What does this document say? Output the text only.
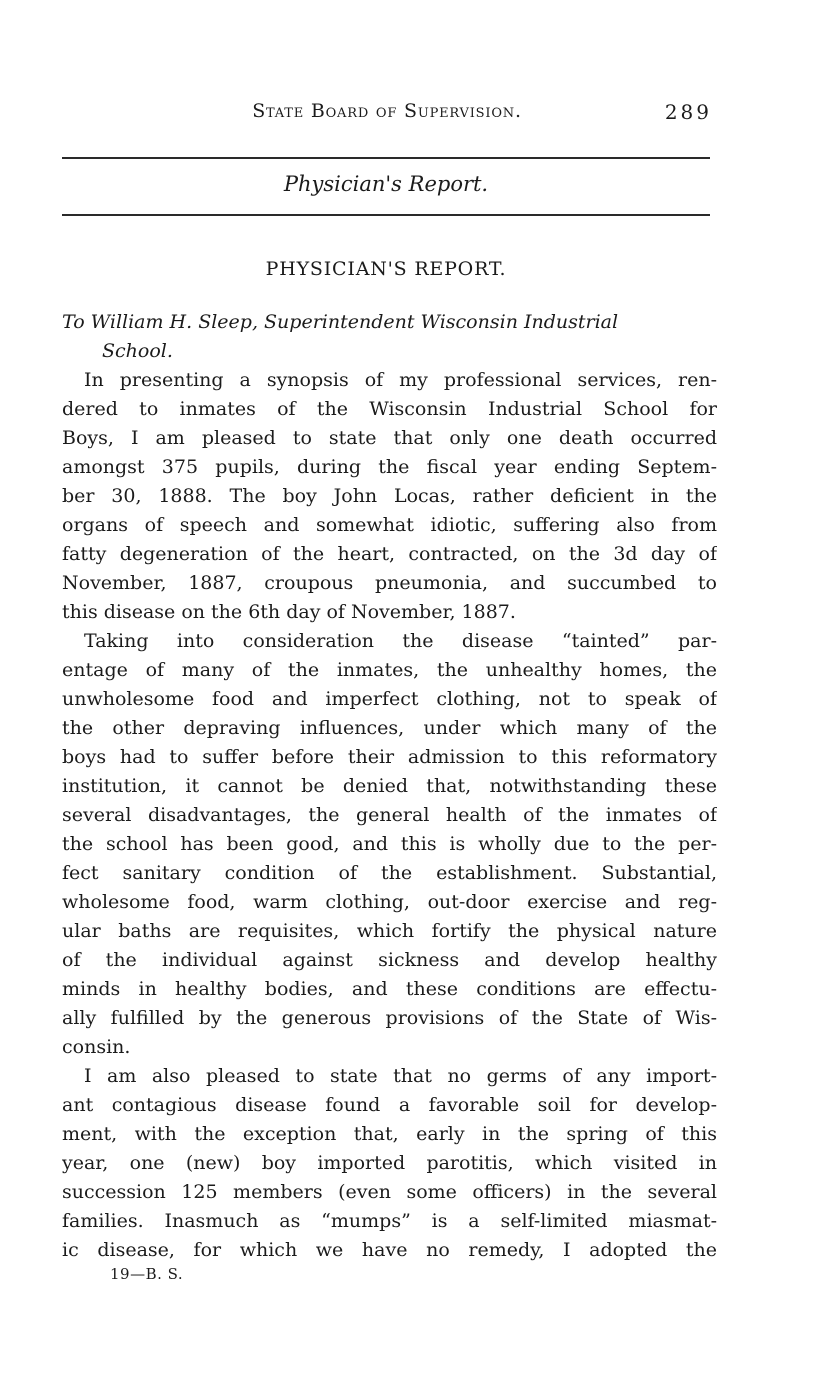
State Board of Supervision.	289
Physician's Report.
PHYSICIAN'S REPORT.
To William H. Sleep, Superintendent Wisconsin Industrial
School.
In presenting a synopsis of my professional services, ren-
dered to inmates of the Wisconsin Industrial School for
Boys, I am pleased to state that only one death occurred
amongst 375 pupils, during the fiscal year ending Septem-
ber 30, 1888. The boy John Locas, rather deficient in the
organs of speech and somewhat idiotic, suffering also from
fatty degeneration of the heart, contracted, on the 3d day of
November, 1887, croupous pneumonia, and succumbed to
this disease on the 6th day of November, 1887.
Taking into consideration the disease “tainted” par-
entage of many of the inmates, the unhealthy homes, the
unwholesome food and imperfect clothing, not to speak of
the other depraving influences, under which many of the
boys had to suffer before their admission to this reformatory
institution, it cannot be denied that, notwithstanding these
several disadvantages, the general health of the inmates of
the school has been good, and this is wholly due to the per-
fect sanitary condition of the establishment. Substantial,
wholesome food, warm clothing, out-door exercise and reg-
ular baths are requisites, which fortify the physical nature
of the individual against sickness and develop healthy
minds in healthy bodies, and these conditions are effectu-
ally fulfilled by the generous provisions of the State of Wis-
consin.
I am also pleased to state that no germs of any import-
ant contagious disease found a favorable soil for develop-
ment, with the exception that, early in the spring of this
year, one (new) boy imported parotitis, which visited in
succession 125 members (even some officers) in the several
families. Inasmuch as “mumps” is a self-limited miasmat-
ic disease, for which we have no remedy, I adopted the
19—B. S.
